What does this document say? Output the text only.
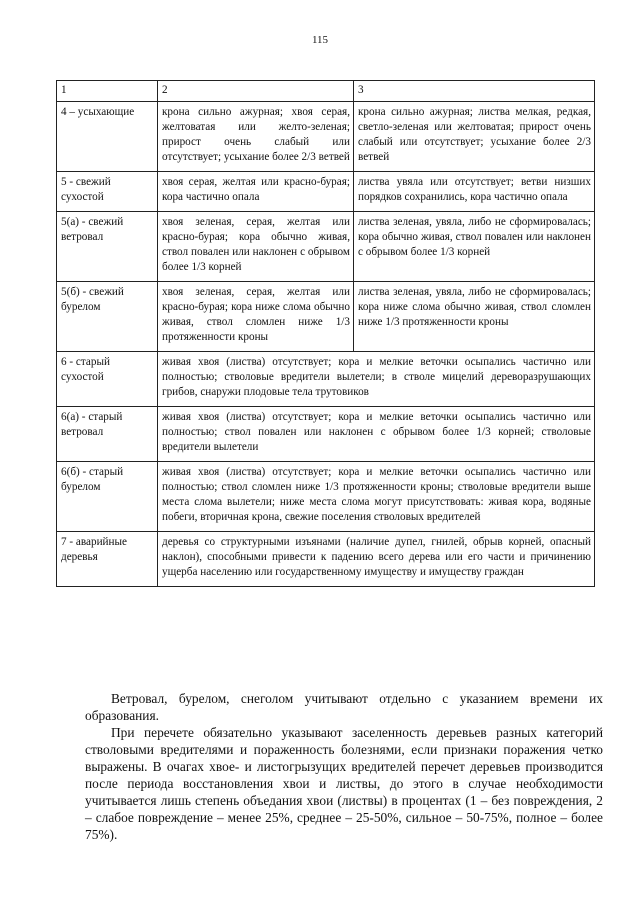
115
1	2	3
4 – усыхающие	крона сильно ажурная; хвоя серая, желтоватая или желто-зеленая; прирост очень слабый или отсутствует; усыхание более 2/3 ветвей	крона сильно ажурная; листва мелкая, редкая, светло-зеленая или желтоватая; прирост очень слабый или отсутствует; усыхание более 2/3 ветвей
5 - свежий сухостой	хвоя серая, желтая или красно-бурая; кора частично опала	листва увяла или отсутствует; ветви низших порядков сохранились, кора частично опала
5(а) - свежий ветровал	хвоя зеленая, серая, желтая или красно-бурая; кора обычно живая, ствол повален или наклонен с обрывом более 1/3 корней	листва зеленая, увяла, либо не сформировалась; кора обычно живая, ствол повален или наклонен с обрывом более 1/3 корней
5(б) - свежий бурелом	хвоя зеленая, серая, желтая или красно-бурая; кора ниже слома обычно живая, ствол сломлен ниже 1/3 протяженности кроны	листва зеленая, увяла, либо не сформировалась; кора ниже слома обычно живая, ствол сломлен ниже 1/3 протяженности кроны
6 - старый сухостой	живая хвоя (листва) отсутствует; кора и мелкие веточки осыпались частично или полностью; стволовые вредители вылетели; в стволе мицелий дереворазрушающих грибов, снаружи плодовые тела трутовиков	
6(а) - старый ветровал	живая хвоя (листва) отсутствует; кора и мелкие веточки осыпались частично или полностью; ствол повален или наклонен с обрывом более 1/3 корней; стволовые вредители вылетели	
6(б) - старый бурелом	живая хвоя (листва) отсутствует; кора и мелкие веточки осыпались частично или полностью; ствол сломлен ниже 1/3 протяженности кроны; стволовые вредители выше места слома вылетели; ниже места слома могут присутствовать: живая кора, водяные побеги, вторичная крона, свежие поселения стволовых вредителей	
7 - аварийные деревья	деревья со структурными изъянами (наличие дупел, гнилей, обрыв корней, опасный наклон), способными привести к падению всего дерева или его части и причинению ущерба населению или государственному имуществу и имуществу граждан	

Ветровал, бурелом, снеголом учитывают отдельно с указанием времени их образования.

При перечете обязательно указывают заселенность деревьев разных категорий стволовыми вредителями и пораженность болезнями, если признаки поражения четко выражены. В очагах хвое- и листогрызущих вредителей перечет деревьев производится после периода восстановления хвои и листвы, до этого в случае необходимости учитывается лишь степень объедания хвои (листвы) в процентах (1 – без повреждения, 2 – слабое повреждение – менее 25%, среднее – 25-50%, сильное – 50-75%, полное – более 75%).
